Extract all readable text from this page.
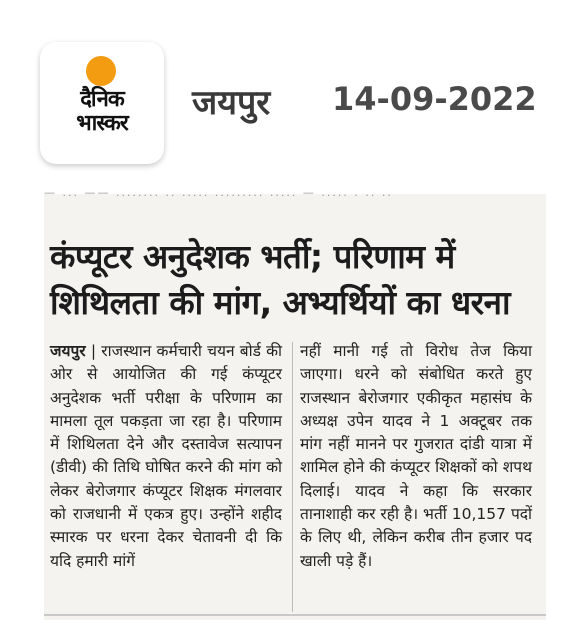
दैनिक
भास्कर
जयपुर 14-09-2022
— ... —— ........ .. ..... ......... ..... — ..... . .. ..
कंप्यूटर अनुदेशक भर्ती; परिणाम में शिथिलता की मांग, अभ्यर्थियों का धरना
जयपुर | राजस्थान कर्मचारी चयन बोर्ड की ओर से आयोजित की गई कंप्यूटर अनुदेशक भर्ती परीक्षा के परिणाम का मामला तूल पकड़ता जा रहा है। परिणाम में शिथिलता देने और दस्तावेज सत्यापन (डीवी) की तिथि घोषित करने की मांग को लेकर बेरोजगार कंप्यूटर शिक्षक मंगलवार को राजधानी में एकत्र हुए। उन्होंने शहीद स्मारक पर धरना देकर चेतावनी दी कि यदि हमारी मांगें
नहीं मानी गई तो विरोध तेज किया जाएगा। धरने को संबोधित करते हुए राजस्थान बेरोजगार एकीकृत महासंघ के अध्यक्ष उपेन यादव ने 1 अक्टूबर तक मांग नहीं मानने पर गुजरात दांडी यात्रा में शामिल होने की कंप्यूटर शिक्षकों को शपथ दिलाई। यादव ने कहा कि सरकार तानाशाही कर रही है। भर्ती 10,157 पदों के लिए थी, लेकिन करीब तीन हजार पद खाली पड़े हैं।
